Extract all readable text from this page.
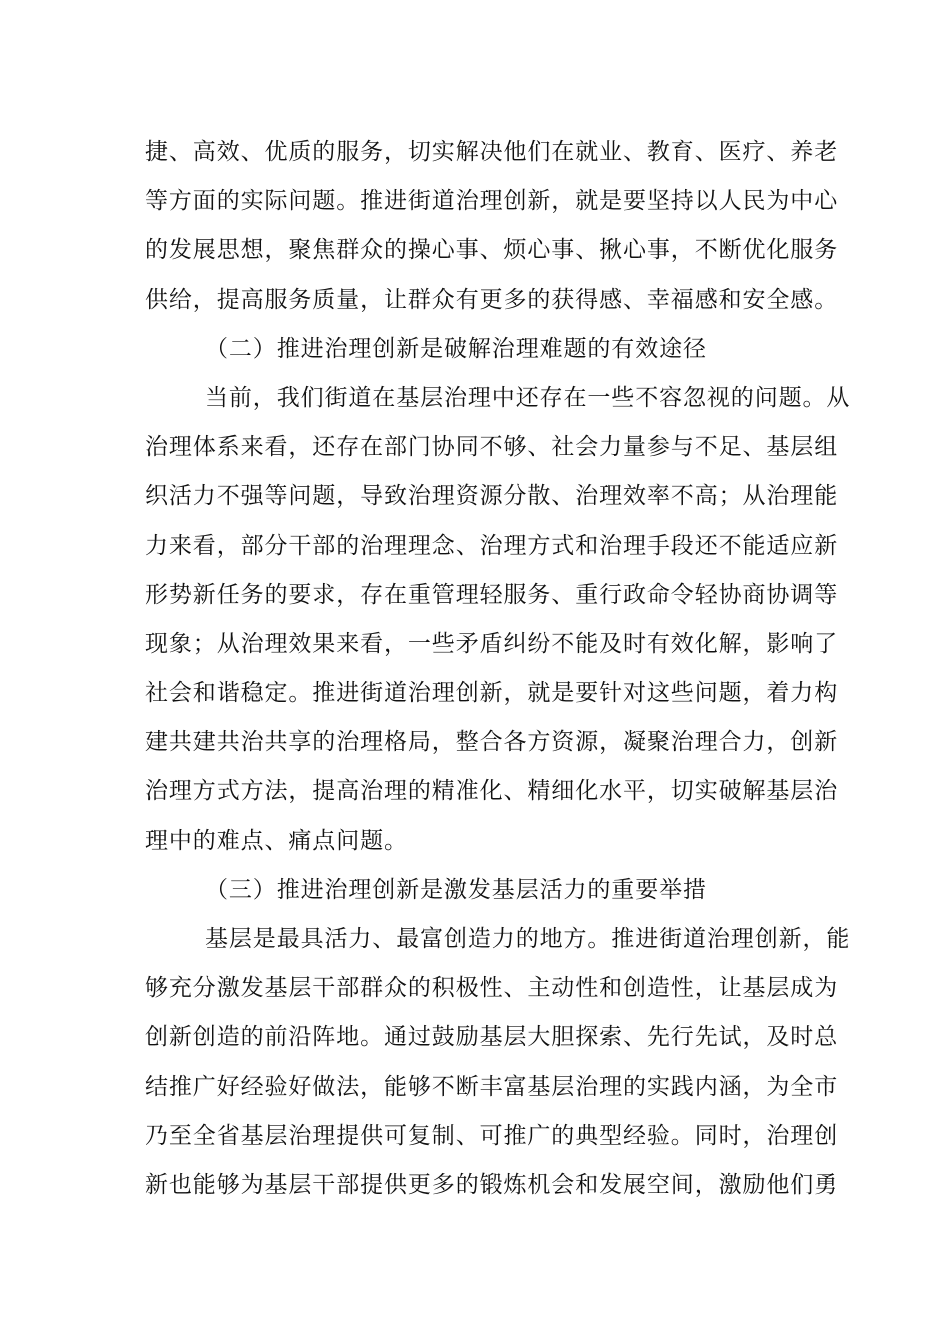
捷、高效、优质的服务，切实解决他们在就业、教育、医疗、养老
等方面的实际问题。推进街道治理创新，就是要坚持以人民为中心
的发展思想，聚焦群众的操心事、烦心事、揪心事，不断优化服务
供给，提高服务质量，让群众有更多的获得感、幸福感和安全感。
（二）推进治理创新是破解治理难题的有效途径
当前，我们街道在基层治理中还存在一些不容忽视的问题。从
治理体系来看，还存在部门协同不够、社会力量参与不足、基层组
织活力不强等问题，导致治理资源分散、治理效率不高；从治理能
力来看，部分干部的治理理念、治理方式和治理手段还不能适应新
形势新任务的要求，存在重管理轻服务、重行政命令轻协商协调等
现象；从治理效果来看，一些矛盾纠纷不能及时有效化解，影响了
社会和谐稳定。推进街道治理创新，就是要针对这些问题，着力构
建共建共治共享的治理格局，整合各方资源，凝聚治理合力，创新
治理方式方法，提高治理的精准化、精细化水平，切实破解基层治
理中的难点、痛点问题。
（三）推进治理创新是激发基层活力的重要举措
基层是最具活力、最富创造力的地方。推进街道治理创新，能
够充分激发基层干部群众的积极性、主动性和创造性，让基层成为
创新创造的前沿阵地。通过鼓励基层大胆探索、先行先试，及时总
结推广好经验好做法，能够不断丰富基层治理的实践内涵，为全市
乃至全省基层治理提供可复制、可推广的典型经验。同时，治理创
新也能够为基层干部提供更多的锻炼机会和发展空间，激励他们勇
